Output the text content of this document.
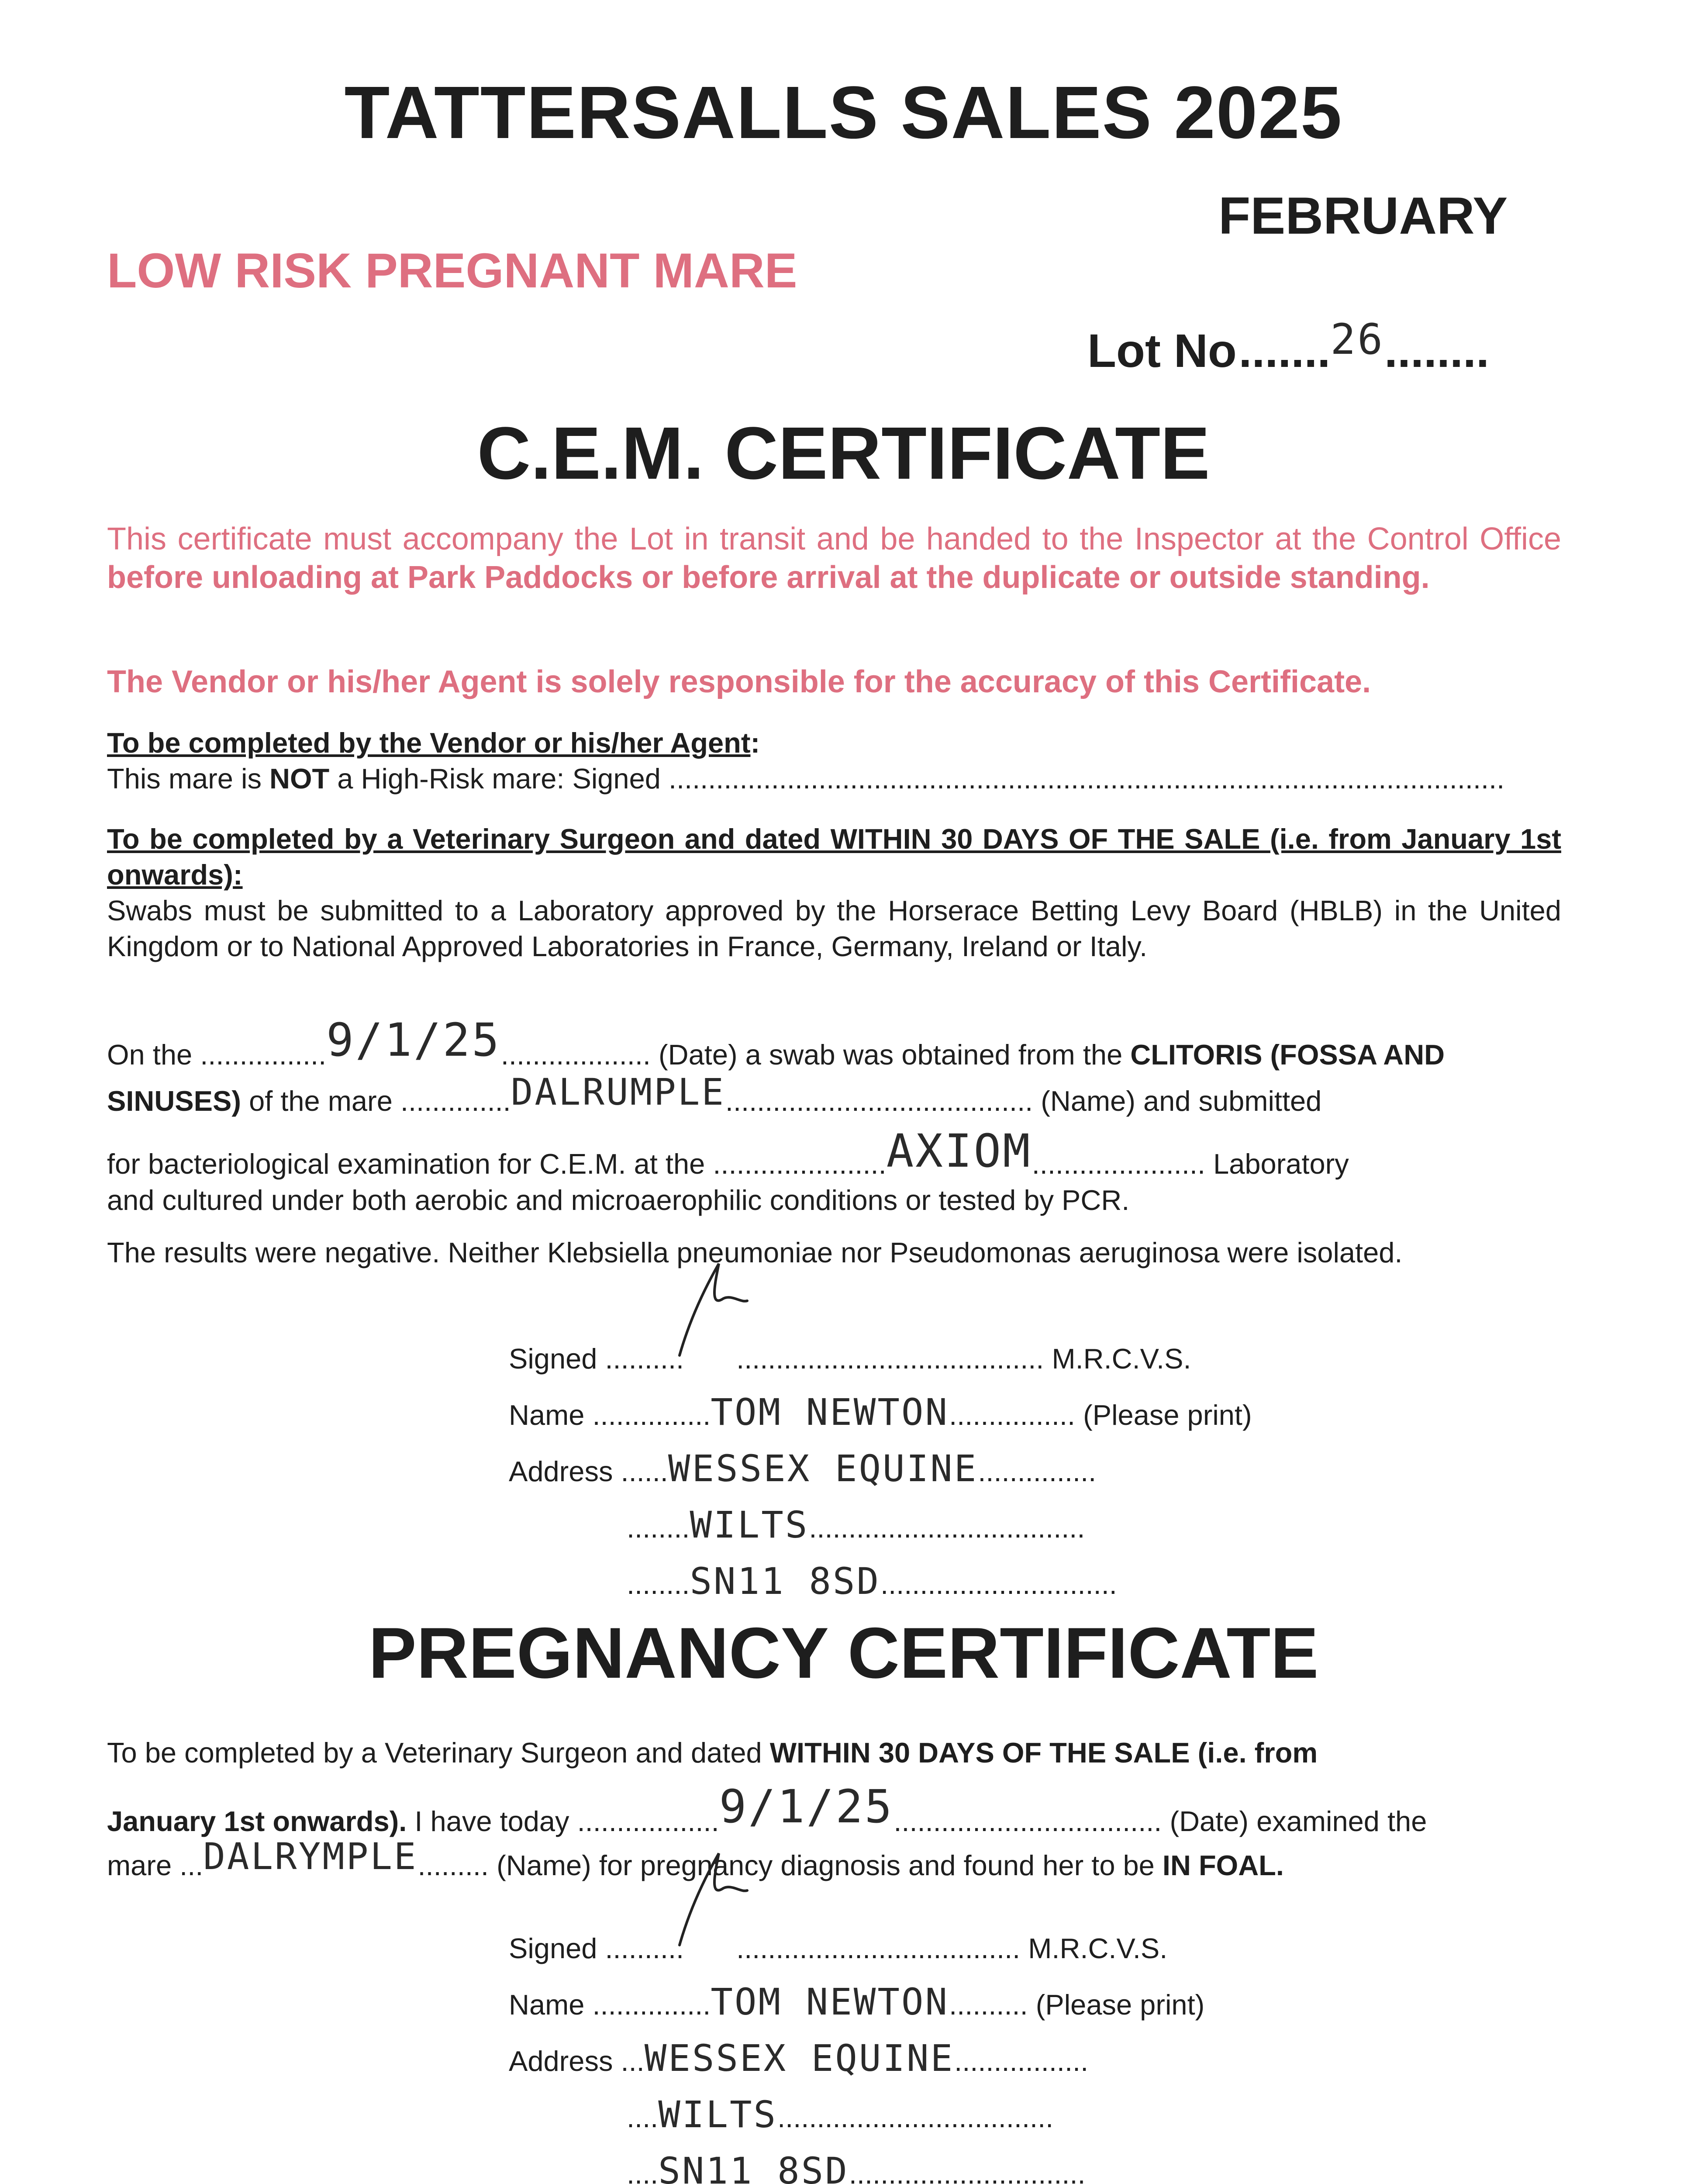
TATTERSALLS SALES 2025
FEBRUARY
LOW RISK PREGNANT MARE
Lot No .......26........
C.E.M. CERTIFICATE
This certificate must accompany the Lot in transit and be handed to the Inspector at the Control Office before unloading at Park Paddocks or before arrival at the duplicate or outside standing.
The Vendor or his/her Agent is solely responsible for the accuracy of this Certificate.
To be completed by the Vendor or his/her Agent:
This mare is NOT a High-Risk mare: Signed ..........................................................................................................
To be completed by a Veterinary Surgeon and dated WITHIN 30 DAYS OF THE SALE (i.e. from January 1st onwards):
Swabs must be submitted to a Laboratory approved by the Horserace Betting Levy Board (HBLB) in the United Kingdom or to National Approved Laboratories in France, Germany, Ireland or Italy.
On the ................9/1/25................... (Date) a swab was obtained from the CLITORIS (FOSSA AND
SINUSES) of the mare ..............DALRUMPLE....................................... (Name) and submitted
for bacteriological examination for C.E.M. at the ......................AXIOM...................... Laboratory
and cultured under both aerobic and microaerophilic conditions or tested by PCR.
The results were negative. Neither Klebsiella pneumoniae nor Pseudomonas aeruginosa were isolated.
Signed .......... ....................................... M.R.C.V.S.
Name ...............TOM NEWTON................ (Please print)
Address ......WESSEX EQUINE...............
........WILTS...................................
........SN11 8SD..............................
PREGNANCY CERTIFICATE
To be completed by a Veterinary Surgeon and dated WITHIN 30 DAYS OF THE SALE (i.e. from
January 1st onwards). I have today ..................9/1/25.................................. (Date) examined the
mare ...DALRYMPLE......... (Name) for pregnancy diagnosis and found her to be IN FOAL.
Signed .......... .................................... M.R.C.V.S.
Name ...............TOM NEWTON.......... (Please print)
Address ...WESSEX EQUINE.................
....WILTS...................................
....SN11 8SD..............................
